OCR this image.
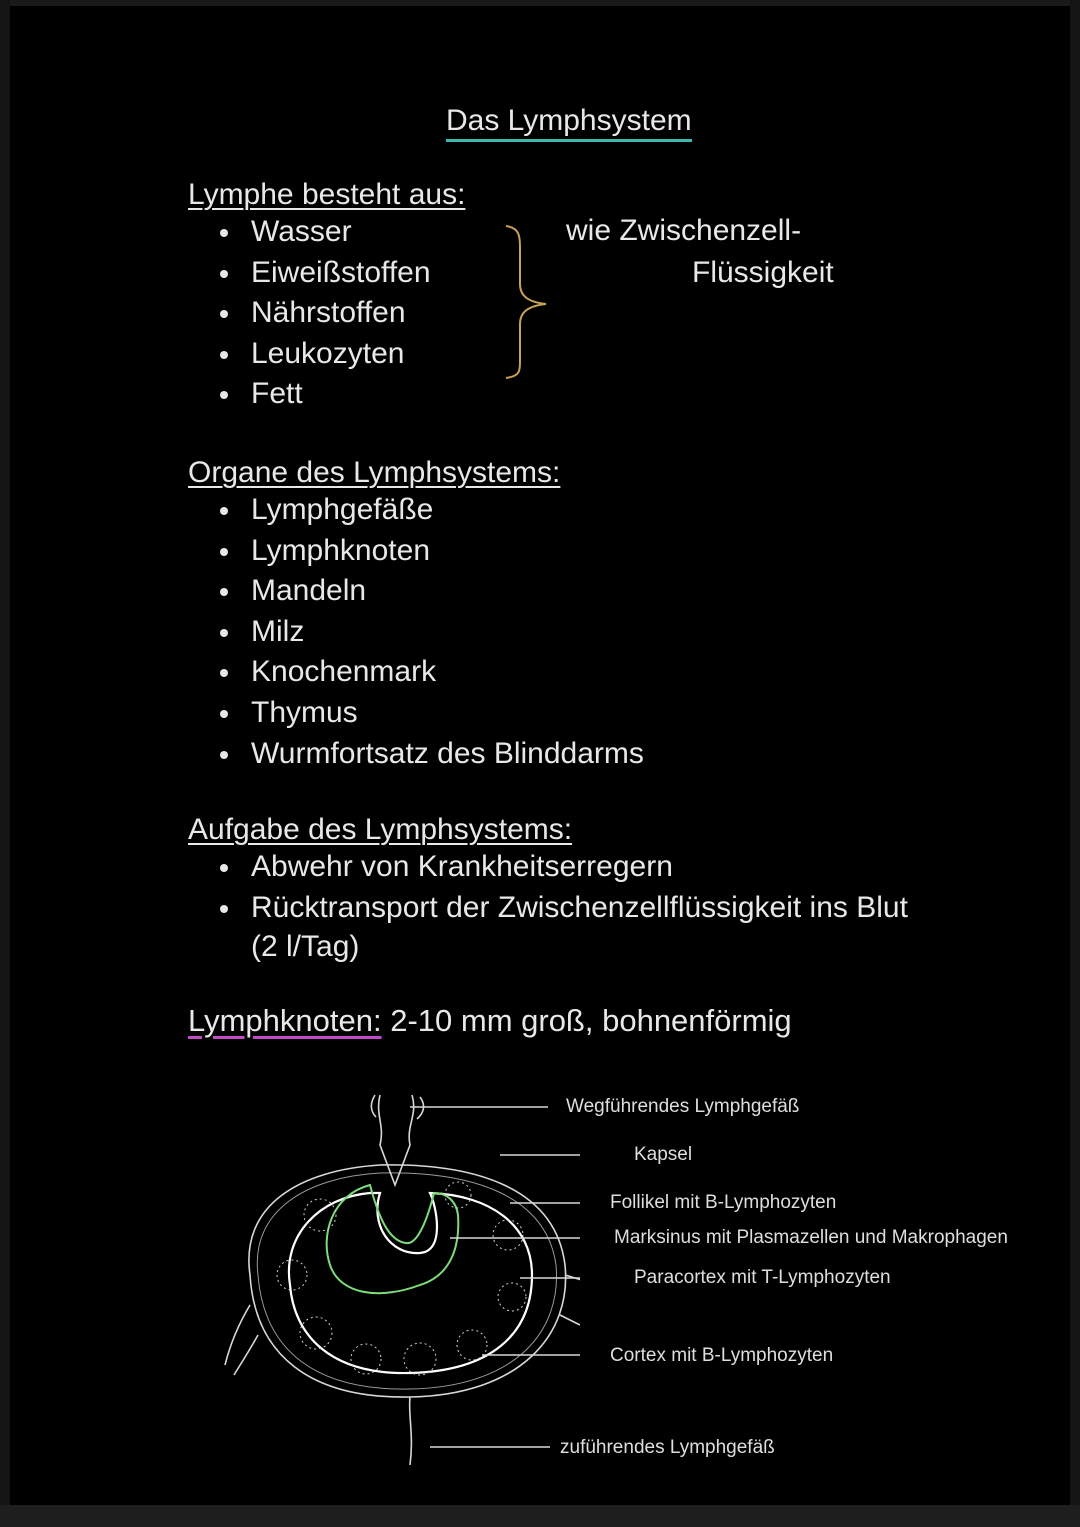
Das Lymphsystem
Lymphe besteht aus:
Wasser
Eiweißstoffen
Nährstoffen
Leukozyten
Fett
wie Zwischenzell-
Flüssigkeit
Organe des Lymphsystems:
Lymphgefäße
Lymphknoten
Mandeln
Milz
Knochenmark
Thymus
Wurmfortsatz des Blinddarms
Aufgabe des Lymphsystems:
Abwehr von Krankheitserregern
Rücktransport der Zwischenzellflüssigkeit ins Blut
(2 l/Tag)
Lymphknoten: 2-10 mm groß, bohnenförmig
Wegführendes Lymphgefäß
Kapsel
Follikel mit B-Lymphozyten
Marksinus mit Plasmazellen und Makrophagen
Paracortex mit T-Lymphozyten
Cortex mit B-Lymphozyten
zuführendes Lymphgefäß
